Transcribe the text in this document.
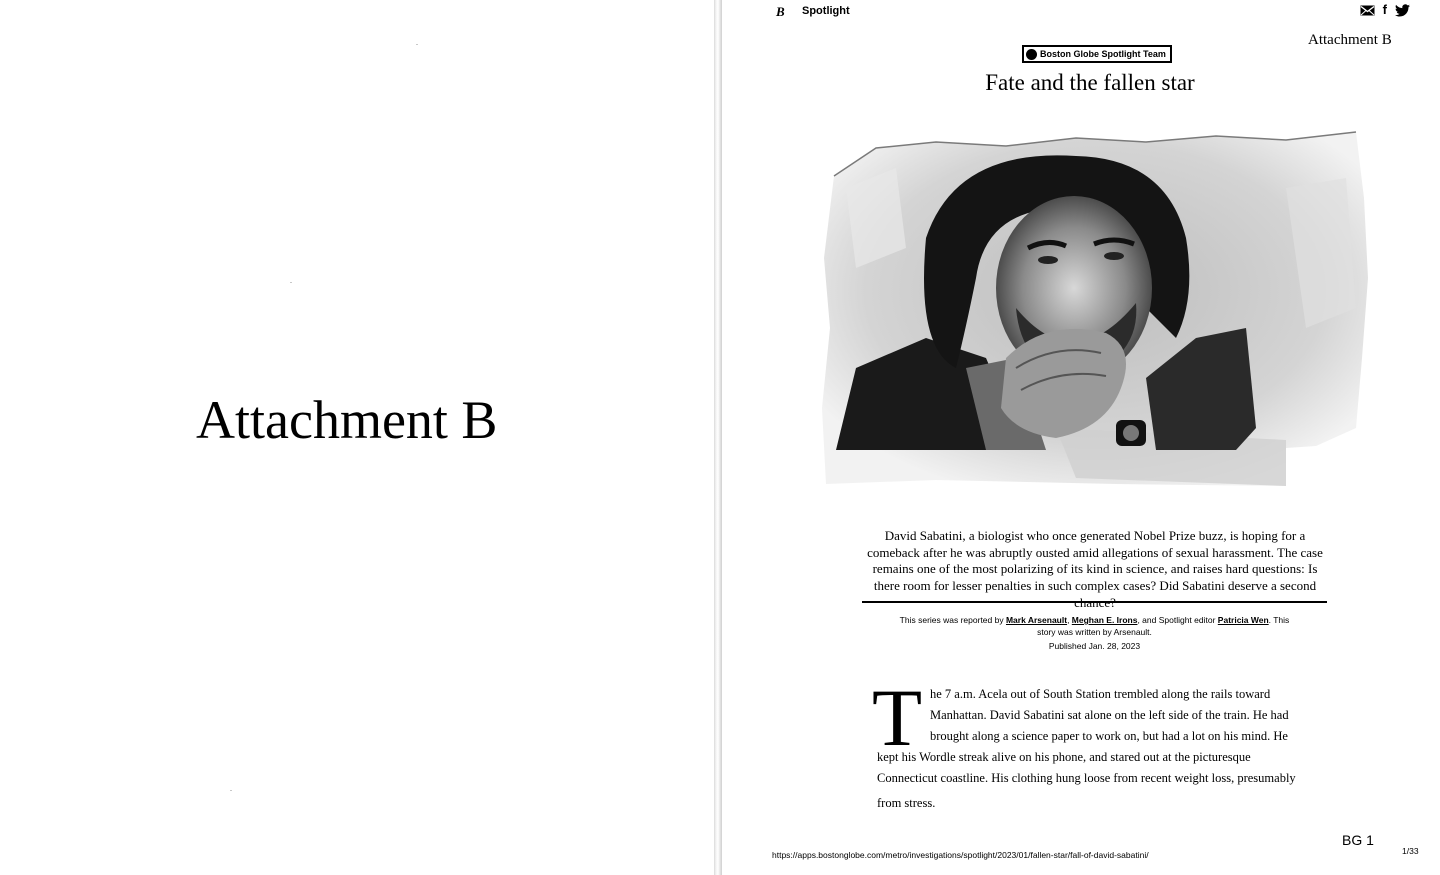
Attachment B
B Spotlight	f
Attachment B
Boston Globe Spotlight Team
Fate and the fallen star
David Sabatini, a biologist who once generated Nobel Prize buzz, is hoping for a comeback after he was abruptly ousted amid allegations of sexual harassment. The case remains one of the most polarizing of its kind in science, and raises hard questions: Is there room for lesser penalties in such complex cases? Did Sabatini deserve a second
This series was reported by Mark Arsenault, Meghan E. Irons, and Spotlight editor Patricia Wen. This story was written by Arsenault.
Published Jan. 28, 2023
T he 7 a.m. Acela out of South Station trembled along the rails toward
Manhattan. David Sabatini sat alone on the left side of the train. He had
brought along a science paper to work on, but had a lot on his mind. He
kept his Wordle streak alive on his phone, and stared out at the picturesque
Connecticut coastline. His clothing hung loose from recent weight loss, presumably
from stress.
BG 1
https://apps.bostonglobe.com/metro/investigations/spotlight/2023/01/fallen-star/fall-of-david-sabatini/	1/33
